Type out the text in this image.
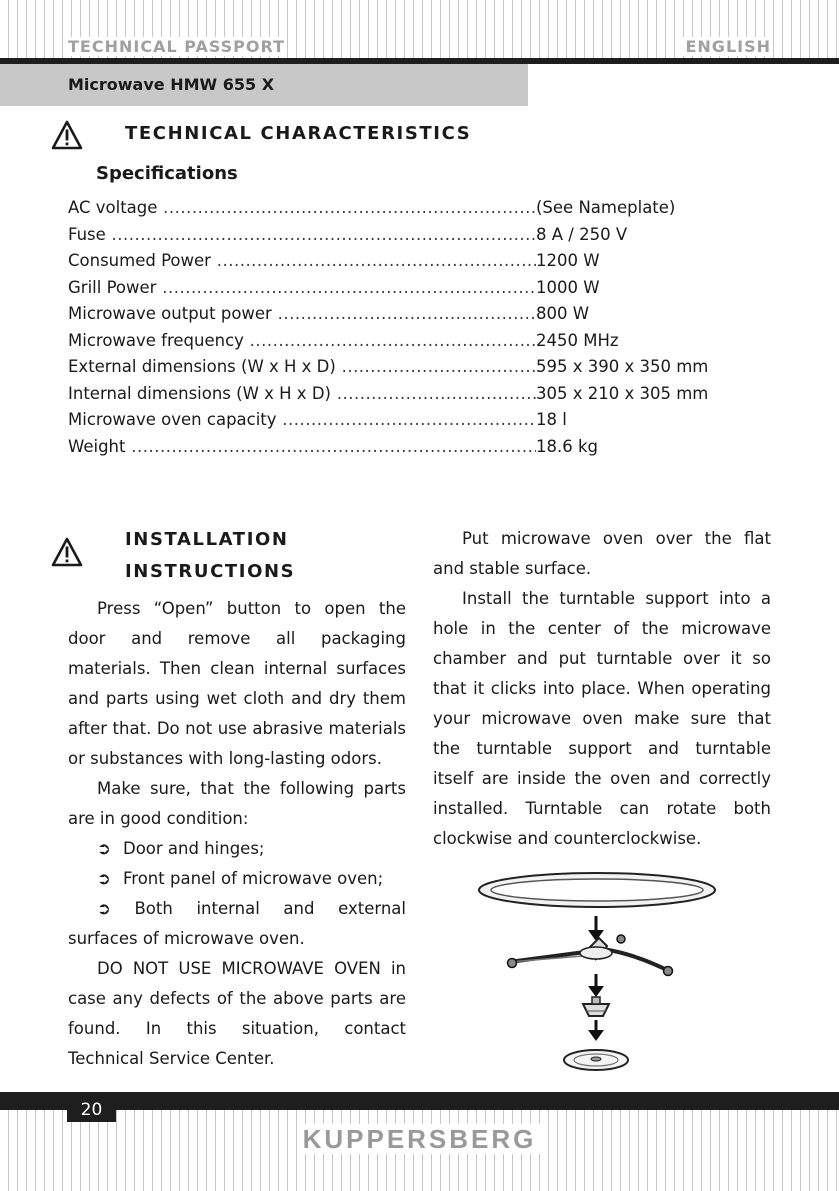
TECHNICAL PASSPORT	ENGLISH
Microwave HMW 655 X
TECHNICAL CHARACTERISTICS
Specifications
AC voltage .....	(See Nameplate)
Fuse .....	8 A / 250 V
Consumed Power .....	1200 W
Grill Power .....	1000 W
Microwave output power .....	800 W
Microwave frequency .....	2450 MHz
External dimensions (W x H x D) .....	595 x 390 x 350 mm
Internal dimensions (W x H x D) .....	305 x 210 x 305 mm
Microwave oven capacity .....	18 l
Weight .....	18.6 kg
INSTALLATION
INSTRUCTIONS

Press “Open” button to open the door and remove all packaging materials. Then clean internal surfaces and parts using wet cloth and dry them after that. Do not use abrasive materials or substances with long-lasting odors.

Make sure, that the following parts are in good condition:

➲ Door and hinges;

➲ Front panel of microwave oven;

➲ Both internal and external surfaces of microwave oven.

DO NOT USE MICROWAVE OVEN in case any defects of the above parts are found. In this situation, contact Technical Service Center.

Put microwave oven over the flat and stable surface.

Install the turntable support into a hole in the center of the microwave chamber and put turntable over it so that it clicks into place. When operating your microwave oven make sure that the turntable support and turntable itself are inside the oven and correctly installed. Turntable can rotate both clockwise and counterclockwise.

20
KUPPERSBERG
